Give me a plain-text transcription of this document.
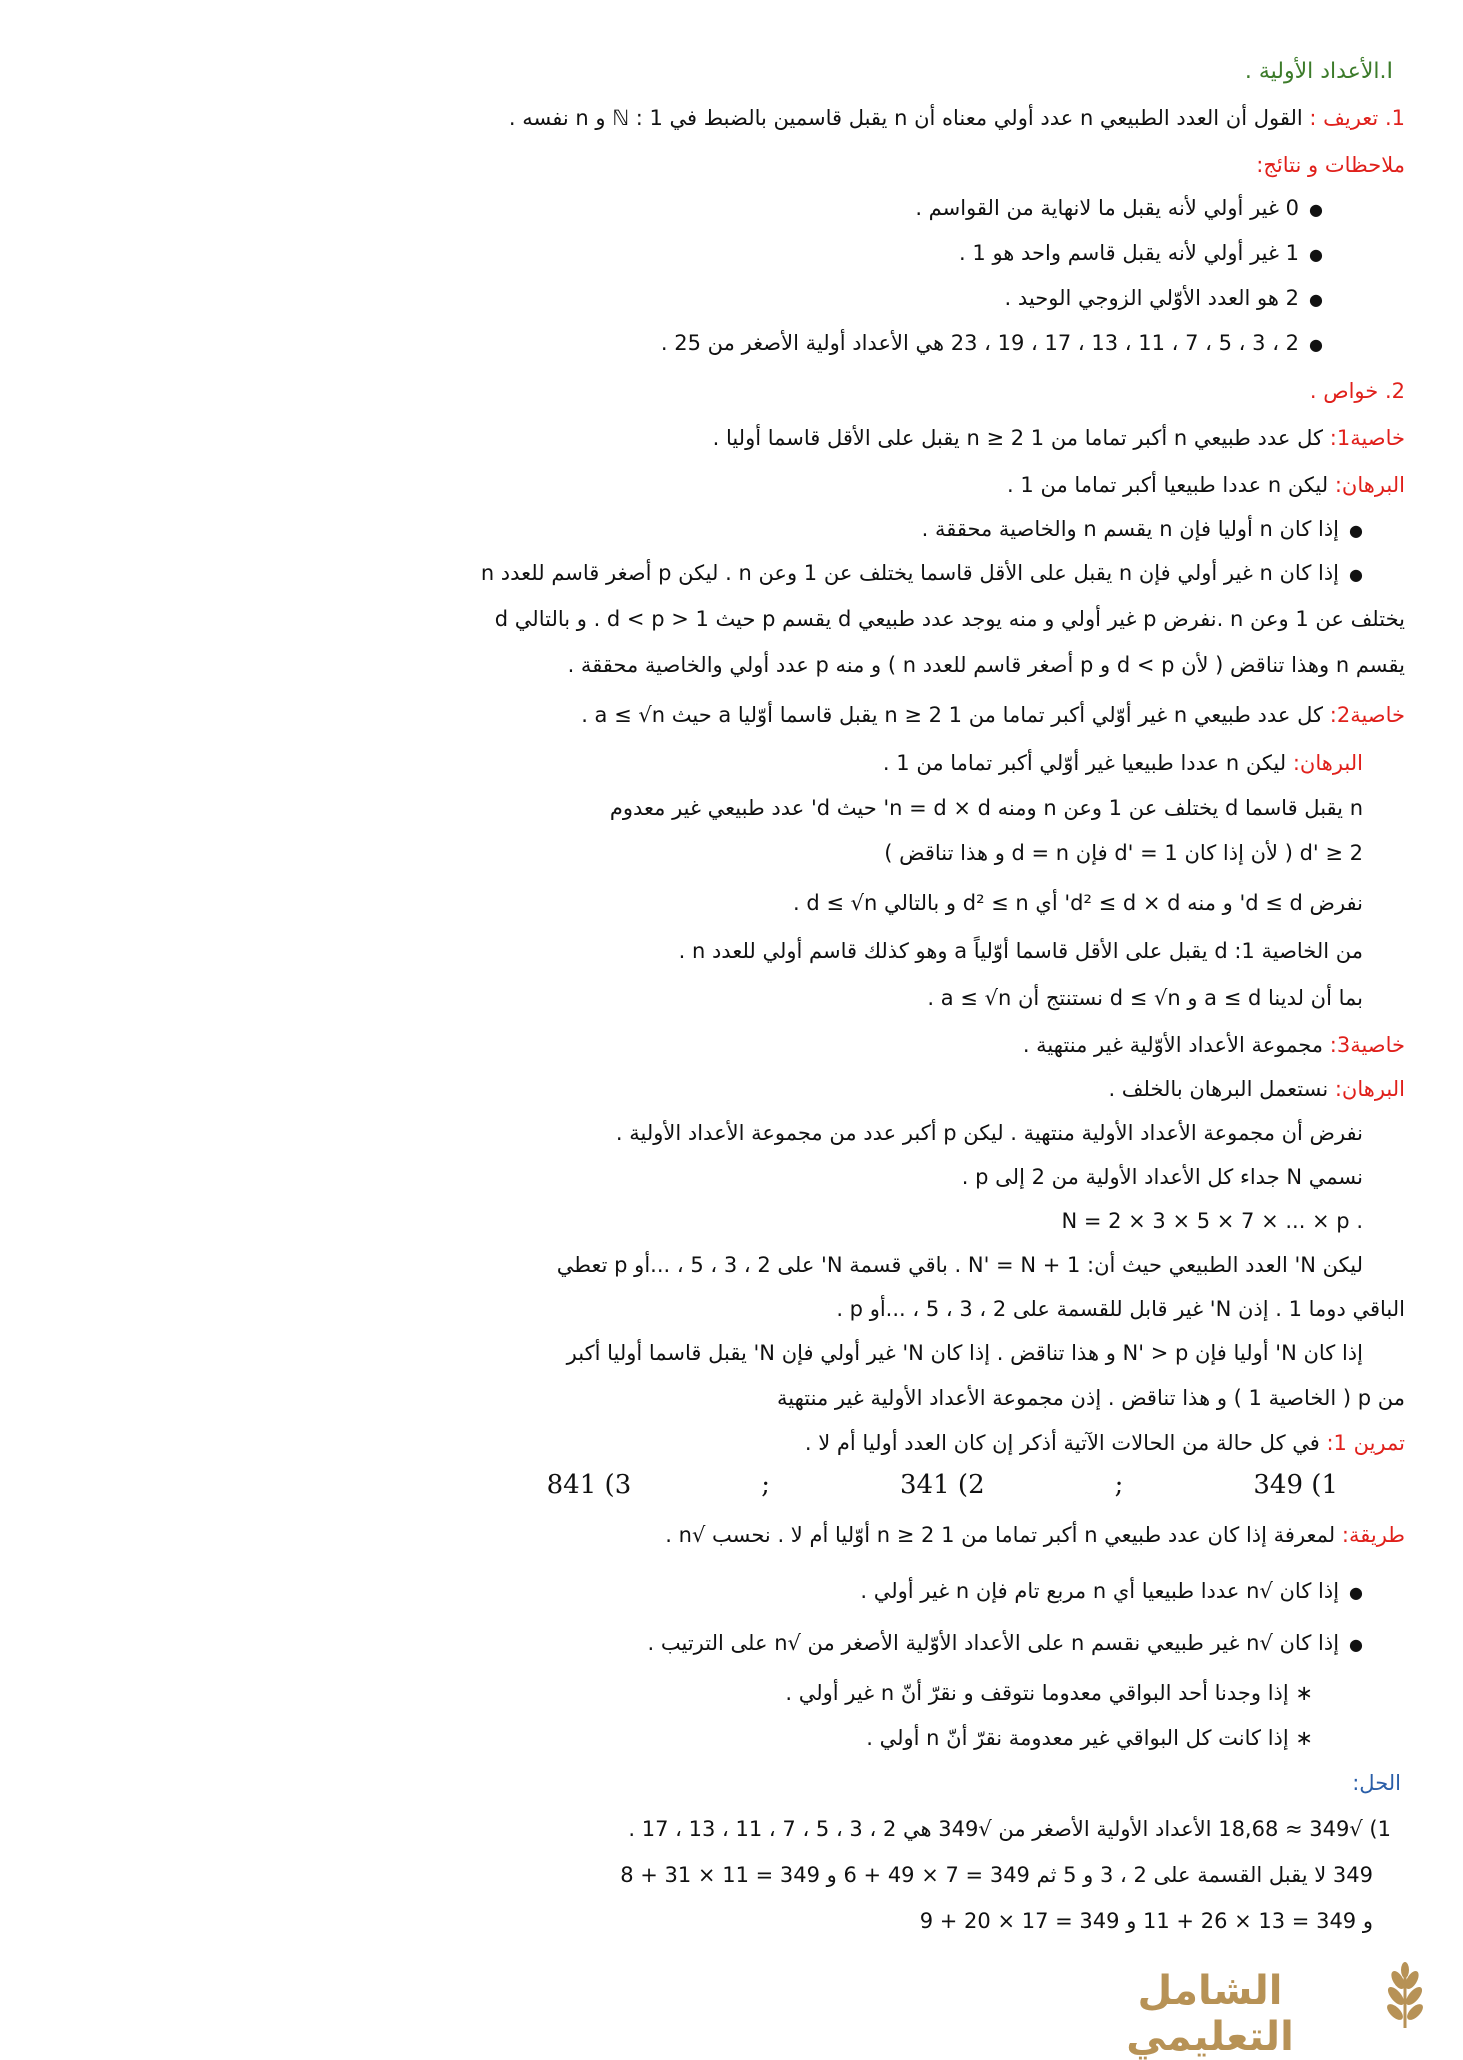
I.الأعداد الأولية .
1. تعريف : القول أن العدد الطبيعي n عدد أولي معناه أن n يقبل قاسمين بالضبط في ℕ : 1 و n نفسه .
ملاحظات و نتائج:
●0 غير أولي لأنه يقبل ما لانهاية من القواسم .
●1 غير أولي لأنه يقبل قاسم واحد هو 1 .
●2 هو العدد الأوّلي الزوجي الوحيد .
●2 ، 3 ، 5 ، 7 ، 11 ، 13 ، 17 ، 19 ، 23 هي الأعداد أولية الأصغر من 25 .
2. خواص .
خاصية1: كل عدد طبيعي n أكبر تماما من 1 n ≥ 2 يقبل على الأقل قاسما أوليا .
البرهان: ليكن n عددا طبيعيا أكبر تماما من 1 .
●إذا كان n أوليا فإن n يقسم n والخاصية محققة .
●إذا كان n غير أولي فإن n يقبل على الأقل قاسما يختلف عن 1 وعن n . ليكن p أصغر قاسم للعدد n
يختلف عن 1 وعن n .نفرض p غير أولي و منه يوجد عدد طبيعي d يقسم p حيث 1 < d < p . و بالتالي d
يقسم n وهذا تناقض ( لأن d < p و p أصغر قاسم للعدد n ) و منه p عدد أولي والخاصية محققة .
خاصية2: كل عدد طبيعي n غير أوّلي أكبر تماما من 1 n ≥ 2 يقبل قاسما أوّليا a حيث a ≤ √n .
البرهان: ليكن n عددا طبيعيا غير أوّلي أكبر تماما من 1 .
n يقبل قاسما d يختلف عن 1 وعن n ومنه n = d × d' حيث d' عدد طبيعي غير معدوم
d' ≥ 2 ( لأن إذا كان d' = 1 فإن d = n و هذا تناقض )
نفرض d ≤ d' و منه d² ≤ d × d' أي d² ≤ n و بالتالي d ≤ √n .
من الخاصية 1: d يقبل على الأقل قاسما أوّلياً a وهو كذلك قاسم أولي للعدد n .
بما أن لدينا a ≤ d و d ≤ √n نستنتج أن a ≤ √n .
خاصية3: مجموعة الأعداد الأوّلية غير منتهية .
البرهان: نستعمل البرهان بالخلف .
نفرض أن مجموعة الأعداد الأولية منتهية . ليكن p أكبر عدد من مجموعة الأعداد الأولية .
نسمي N جداء كل الأعداد الأولية من 2 إلى p .
. N = 2 × 3 × 5 × 7 × ... × p
ليكن N' العدد الطبيعي حيث أن: N' = N + 1 . باقي قسمة N' على 2 ، 3 ، 5 ، ...أو p تعطي
الباقي دوما 1 . إذن N' غير قابل للقسمة على 2 ، 3 ، 5 ، ...أو p .
إذا كان N' أوليا فإن N' > p و هذا تناقض . إذا كان N' غير أولي فإن N' يقبل قاسما أوليا أكبر
من p ( الخاصية 1 ) و هذا تناقض . إذن مجموعة الأعداد الأولية غير منتهية
تمرين 1: في كل حالة من الحالات الآتية أذكر إن كان العدد أوليا أم لا .
1) 349
;
2) 341
;
3) 841
طريقة: لمعرفة إذا كان عدد طبيعي n أكبر تماما من 1 n ≥ 2 أوّليا أم لا . نحسب √n .
●إذا كان √n عددا طبيعيا أي n مربع تام فإن n غير أولي .
●إذا كان √n غير طبيعي نقسم n على الأعداد الأوّلية الأصغر من √n على الترتيب .
∗ إذا وجدنا أحد البواقي معدوما نتوقف و نقرّ أنّ n غير أولي .
∗ إذا كانت كل البواقي غير معدومة نقرّ أنّ n أولي .
الحل:
1) √349 ≈ 18,68 الأعداد الأولية الأصغر من √349 هي 2 ، 3 ، 5 ، 7 ، 11 ، 13 ، 17 .
349 لا يقبل القسمة على 2 ، 3 و 5 ثم 349 = 7 × 49 + 6 و 349 = 11 × 31 + 8
و 349 = 13 × 26 + 11 و 349 = 17 × 20 + 9
الشامل التعليمي
